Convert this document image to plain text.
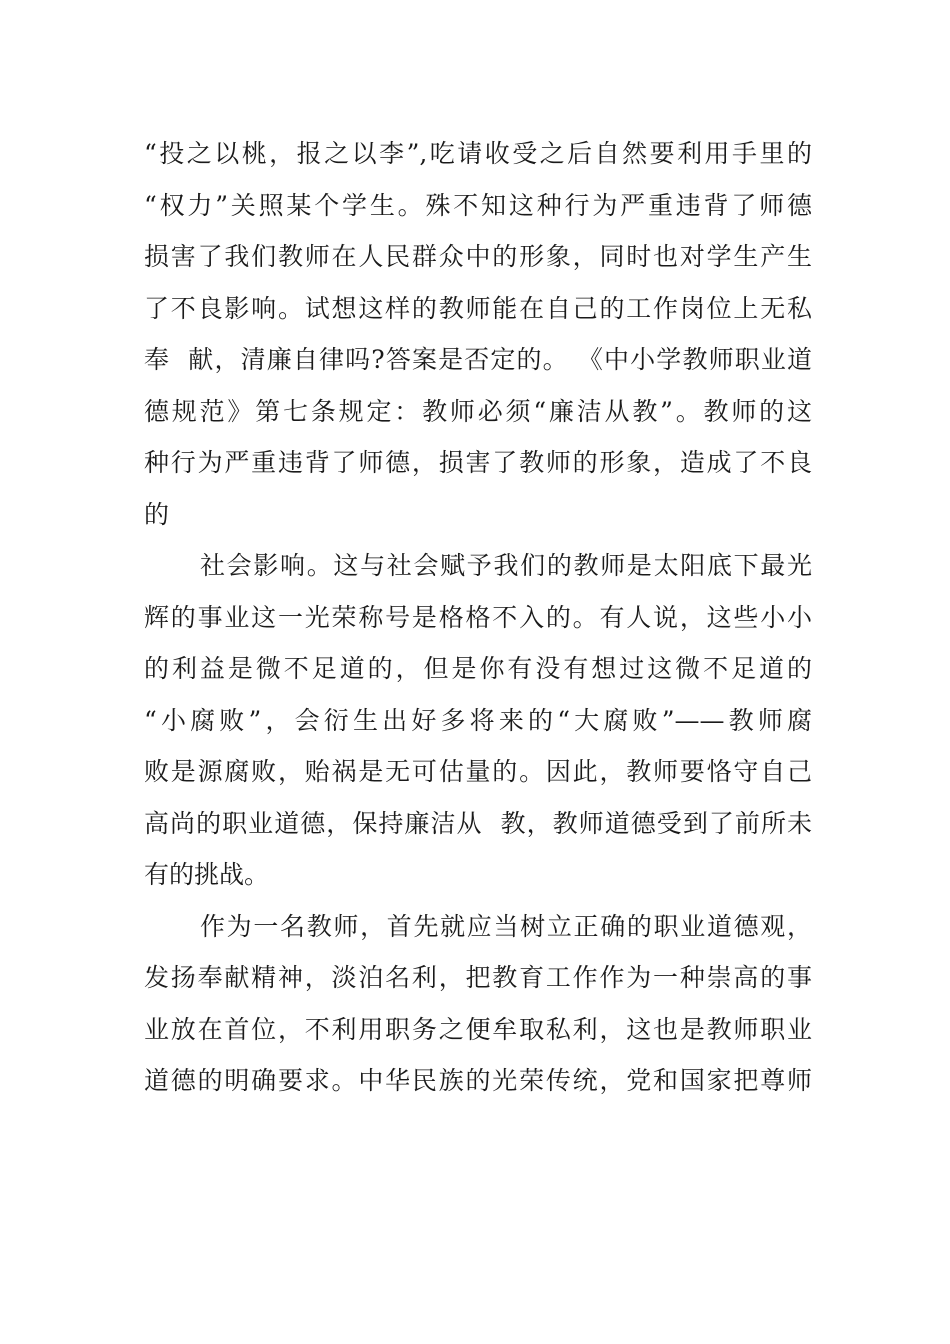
“投之以桃，报之以李”,吃请收受之后自然要利用手里的
“权力”关照某个学生。殊不知这种行为严重违背了师德
损害了我们教师在人民群众中的形象，同时也对学生产生
了不良影响。试想这样的教师能在自己的工作岗位上无私
奉  献，清廉自律吗?答案是否定的。 《中小学教师职业道
德规范》第七条规定：教师必须“廉洁从教”。教师的这
种行为严重违背了师德，损害了教师的形象，造成了不良
的
社会影响。这与社会赋予我们的教师是太阳底下最光
辉的事业这一光荣称号是格格不入的。有人说，这些小小
的利益是微不足道的，但是你有没有想过这微不足道的
“小腐败”，会衍生出好多将来的“大腐败”——教师腐
败是源腐败，贻祸是无可估量的。因此，教师要恪守自己
高尚的职业道德，保持廉洁从  教，教师道德受到了前所未
有的挑战。
作为一名教师，首先就应当树立正确的职业道德观，
发扬奉献精神，淡泊名利，把教育工作作为一种崇高的事
业放在首位，不利用职务之便牟取私利，这也是教师职业
道德的明确要求。中华民族的光荣传统，党和国家把尊师
